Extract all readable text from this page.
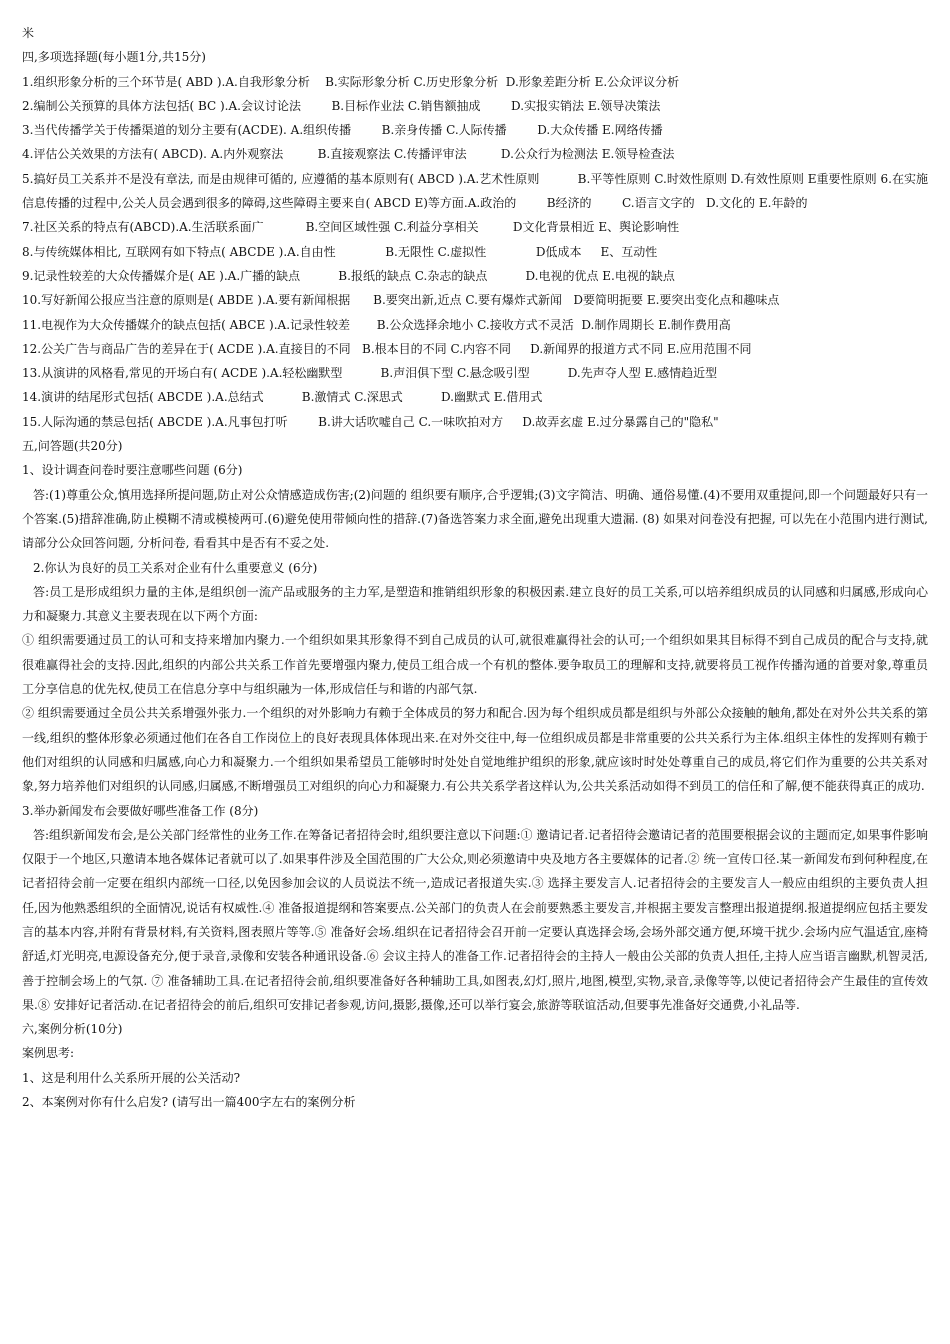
米

四,多项选择题(每小题1分,共15分)

1.组织形象分析的三个环节是( ABD ).A.自我形象分析    B.实际形象分析 C.历史形象分析  D.形象差距分析 E.公众评议分析

2.编制公关预算的具体方法包括( BC ).A.会议讨论法        B.目标作业法 C.销售额抽成        D.实报实销法 E.领导决策法

3.当代传播学关于传播渠道的划分主要有(ACDE). A.组织传播        B.亲身传播 C.人际传播        D.大众传播 E.网络传播

4.评估公关效果的方法有( ABCD). A.内外观察法         B.直接观察法 C.传播评审法         D.公众行为检测法 E.领导检查法

5.搞好员工关系并不是没有章法, 而是由规律可循的, 应遵循的基本原则有( ABCD ).A.艺术性原则          B.平等性原则 C.时效性原则 D.有效性原则 E重要性原则 6.在实施信息传播的过程中,公关人员会遇到很多的障碍,这些障碍主要来自( ABCD E)等方面.A.政治的        B经济的        C.语言文字的   D.文化的 E.年龄的

7.社区关系的特点有(ABCD).A.生活联系面广           B.空间区域性强 C.利益分享相关         D文化背景相近 E、舆论影响性

8.与传统媒体相比, 互联网有如下特点( ABCDE ).A.自由性             B.无限性 C.虚拟性             D低成本     E、互动性

9.记录性较差的大众传播媒介是( AE ).A.广播的缺点          B.报纸的缺点 C.杂志的缺点          D.电视的优点 E.电视的缺点

10.写好新闻公报应当注意的原则是( ABDE ).A.要有新闻根据      B.要突出新,近点 C.要有爆炸式新闻   D要简明扼要 E.要突出变化点和趣味点

11.电视作为大众传播媒介的缺点包括( ABCE ).A.记录性较差       B.公众选择余地小 C.接收方式不灵活  D.制作周期长 E.制作费用高

12.公关广告与商品广告的差异在于( ACDE ).A.直接目的不同   B.根本目的不同 C.内容不同     D.新闻界的报道方式不同 E.应用范围不同

13.从演讲的风格看,常见的开场白有( ACDE ).A.轻松幽默型          B.声泪俱下型 C.悬念吸引型          D.先声夺人型 E.感情趋近型

14.演讲的结尾形式包括( ABCDE ).A.总结式          B.激情式 C.深思式          D.幽默式 E.借用式

15.人际沟通的禁忌包括( ABCDE ).A.凡事包打听        B.讲大话吹嘘自己 C.一味吹拍对方     D.故弄玄虚 E.过分暴露自己的"隐私"

五,问答题(共20分)

1、设计调查问卷时要注意哪些问题 (6分)

答:(1)尊重公众,慎用选择所提问题,防止对公众情感造成伤害;(2)问题的 组织要有顺序,合乎逻辑;(3)文字简洁、明确、通俗易懂.(4)不要用双重提问,即一个问题最好只有一个答案.(5)措辞准确,防止模糊不清或模棱两可.(6)避免使用带倾向性的措辞.(7)备选答案力求全面,避免出现重大遗漏. (8) 如果对问卷没有把握, 可以先在小范围内进行测试, 请部分公众回答问题, 分析问卷, 看看其中是否有不妥之处.

2.你认为良好的员工关系对企业有什么重要意义 (6分)

答:员工是形成组织力量的主体,是组织创一流产品或服务的主力军,是塑造和推销组织形象的积极因素.建立良好的员工关系,可以培养组织成员的认同感和归属感,形成向心力和凝聚力.其意义主要表现在以下两个方面:

① 组织需要通过员工的认可和支持来增加内聚力.一个组织如果其形象得不到自己成员的认可,就很难赢得社会的认可;一个组织如果其目标得不到自己成员的配合与支持,就很难赢得社会的支持.因此,组织的内部公共关系工作首先要增强内聚力,使员工组合成一个有机的整体.要争取员工的理解和支持,就要将员工视作传播沟通的首要对象,尊重员工分享信息的优先权,使员工在信息分享中与组织融为一体,形成信任与和谐的内部气氛.

② 组织需要通过全员公共关系增强外张力.一个组织的对外影响力有赖于全体成员的努力和配合.因为每个组织成员都是组织与外部公众接触的触角,都处在对外公共关系的第一线,组织的整体形象必须通过他们在各自工作岗位上的良好表现具体体现出来.在对外交往中,每一位组织成员都是非常重要的公共关系行为主体.组织主体性的发挥则有赖于他们对组织的认同感和归属感,向心力和凝聚力.一个组织如果希望员工能够时时处处自觉地维护组织的形象,就应该时时处处尊重自己的成员,将它们作为重要的公共关系对象,努力培养他们对组织的认同感,归属感,不断增强员工对组织的向心力和凝聚力.有公共关系学者这样认为,公共关系活动如得不到员工的信任和了解,便不能获得真正的成功.

3.举办新闻发布会要做好哪些准备工作 (8分)

答:组织新闻发布会,是公关部门经常性的业务工作.在筹备记者招待会时,组织要注意以下问题:① 邀请记者.记者招待会邀请记者的范围要根据会议的主题而定,如果事件影响仅限于一个地区,只邀请本地各媒体记者就可以了.如果事件涉及全国范围的广大公众,则必须邀请中央及地方各主要媒体的记者.② 统一宣传口径.某一新闻发布到何种程度,在记者招待会前一定要在组织内部统一口径,以免因参加会议的人员说法不统一,造成记者报道失实.③ 选择主要发言人.记者招待会的主要发言人一般应由组织的主要负责人担任,因为他熟悉组织的全面情况,说话有权威性.④ 准备报道提纲和答案要点.公关部门的负责人在会前要熟悉主要发言,并根据主要发言整理出报道提纲.报道提纲应包括主要发言的基本内容,并附有背景材料,有关资料,图表照片等等.⑤ 准备好会场.组织在记者招待会召开前一定要认真选择会场,会场外部交通方便,环境干扰少.会场内应气温适宜,座椅舒适,灯光明亮,电源设备充分,便于录音,录像和安装各种通讯设备.⑥ 会议主持人的准备工作.记者招待会的主持人一般由公关部的负责人担任,主持人应当语言幽默,机智灵活,善于控制会场上的气氛. ⑦ 准备辅助工具.在记者招待会前,组织要准备好各种辅助工具,如图表,幻灯,照片,地图,模型,实物,录音,录像等等,以使记者招待会产生最佳的宣传效果.⑧ 安排好记者活动.在记者招待会的前后,组织可安排记者参观,访问,摄影,摄像,还可以举行宴会,旅游等联谊活动,但要事先准备好交通费,小礼品等.

六,案例分析(10分)

案例思考:

1、这是利用什么关系所开展的公关活动?

2、本案例对你有什么启发? (请写出一篇400字左右的案例分析
